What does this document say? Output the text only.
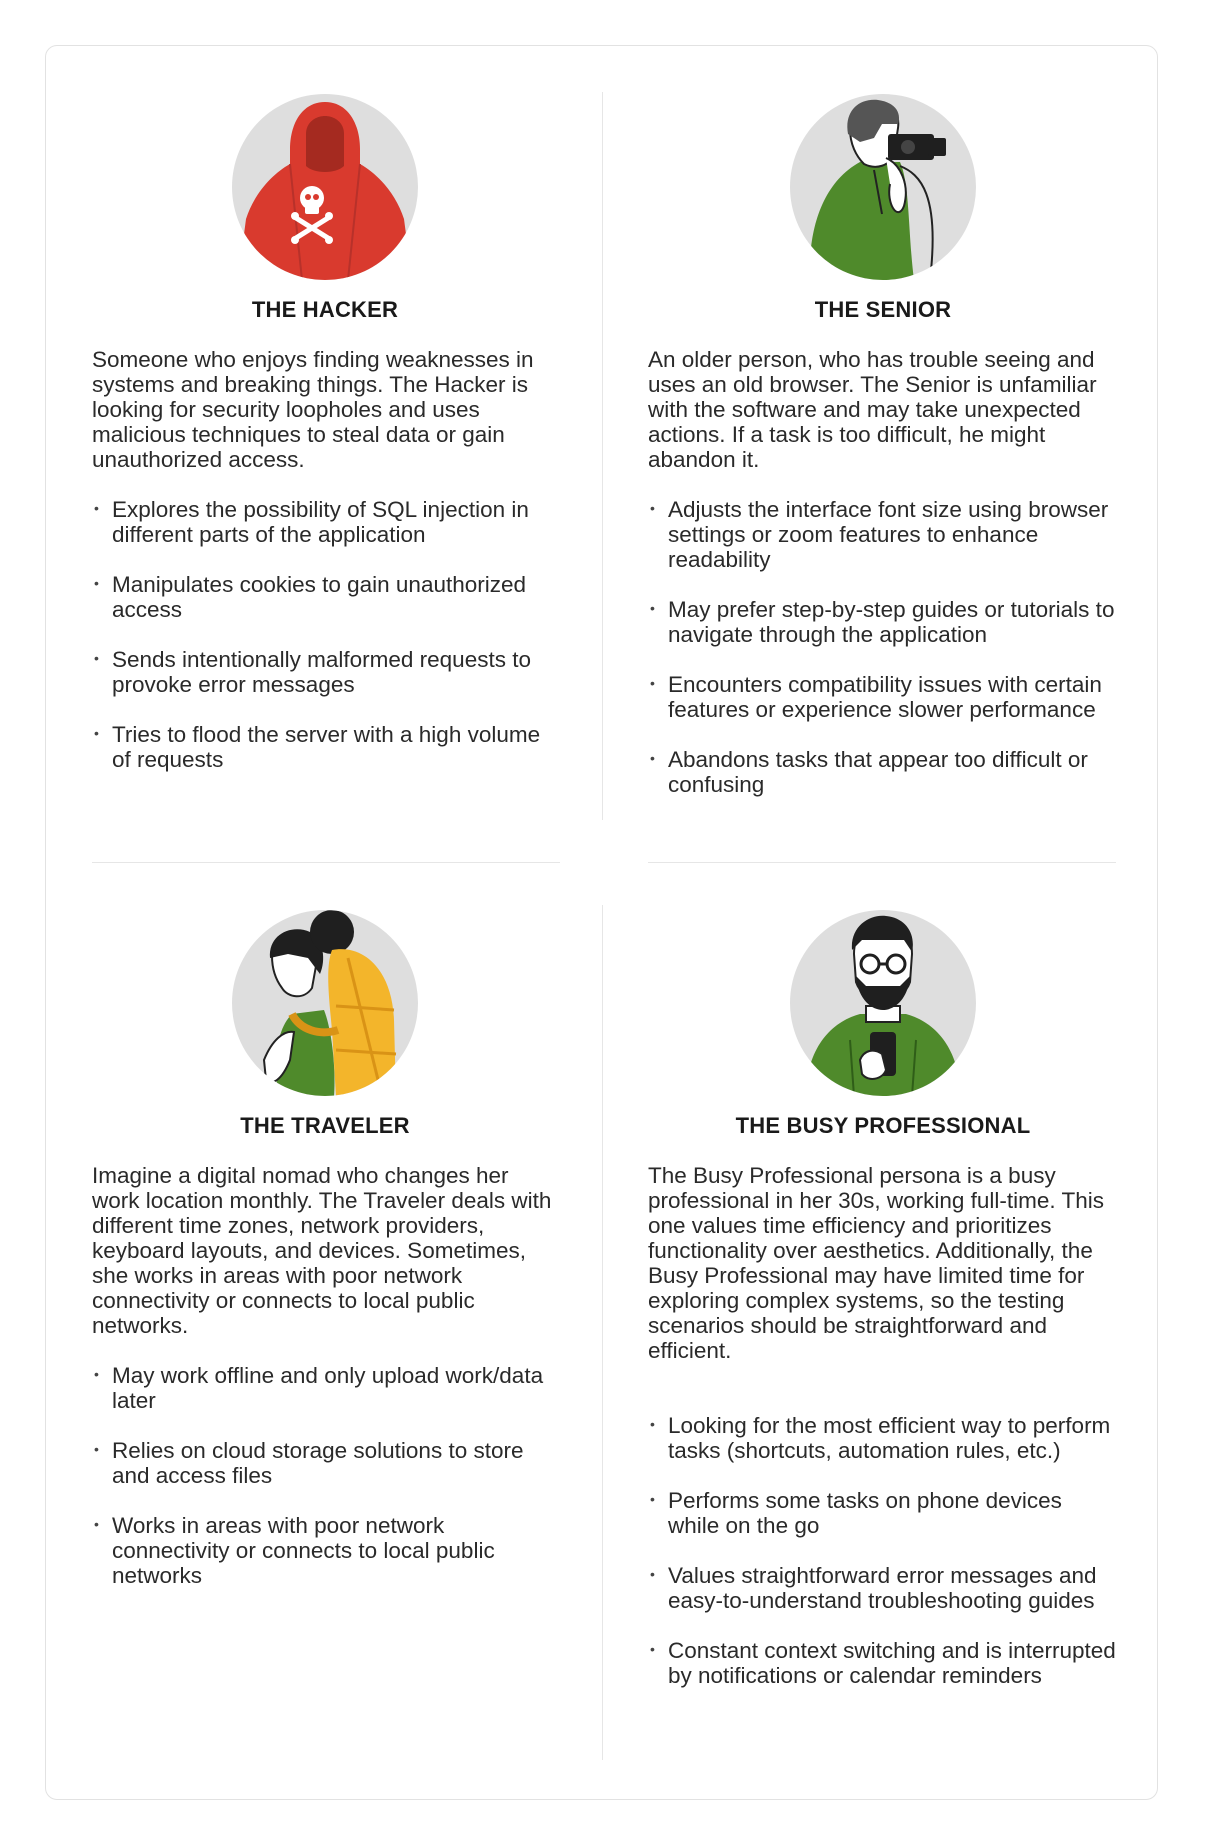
THE HACKER

Someone who enjoys finding weaknesses in systems and breaking things. The Hacker is looking for security loopholes and uses malicious techniques to steal data or gain unauthorized access.

• Explores the possibility of SQL injection in different parts of the application
• Manipulates cookies to gain unauthorized access
• Sends intentionally malformed requests to provoke error messages
• Tries to flood the server with a high volume of requests
THE SENIOR

An older person, who has trouble seeing and uses an old browser. The Senior is unfamiliar with the software and may take unexpected actions. If a task is too difficult, he might abandon it.

• Adjusts the interface font size using browser settings or zoom features to enhance readability
• May prefer step-by-step guides or tutorials to navigate through the application
• Encounters compatibility issues with certain features or experience slower performance
• Abandons tasks that appear too difficult or confusing
THE TRAVELER

Imagine a digital nomad who changes her work location monthly. The Traveler deals with different time zones, network providers, keyboard layouts, and devices. Sometimes, she works in areas with poor network connectivity or connects to local public networks.

• May work offline and only upload work/data later
• Relies on cloud storage solutions to store and access files
• Works in areas with poor network connectivity or connects to local public networks
THE BUSY PROFESSIONAL

The Busy Professional persona is a busy professional in her 30s, working full-time. This one values time efficiency and prioritizes functionality over aesthetics. Additionally, the Busy Professional may have limited time for exploring complex systems, so the testing scenarios should be straightforward and efficient.

• Looking for the most efficient way to perform tasks (shortcuts, automation rules, etc.)
• Performs some tasks on phone devices while on the go
• Values straightforward error messages and easy-to-understand troubleshooting guides
• Constant context switching and is interrupted by notifications or calendar reminders
